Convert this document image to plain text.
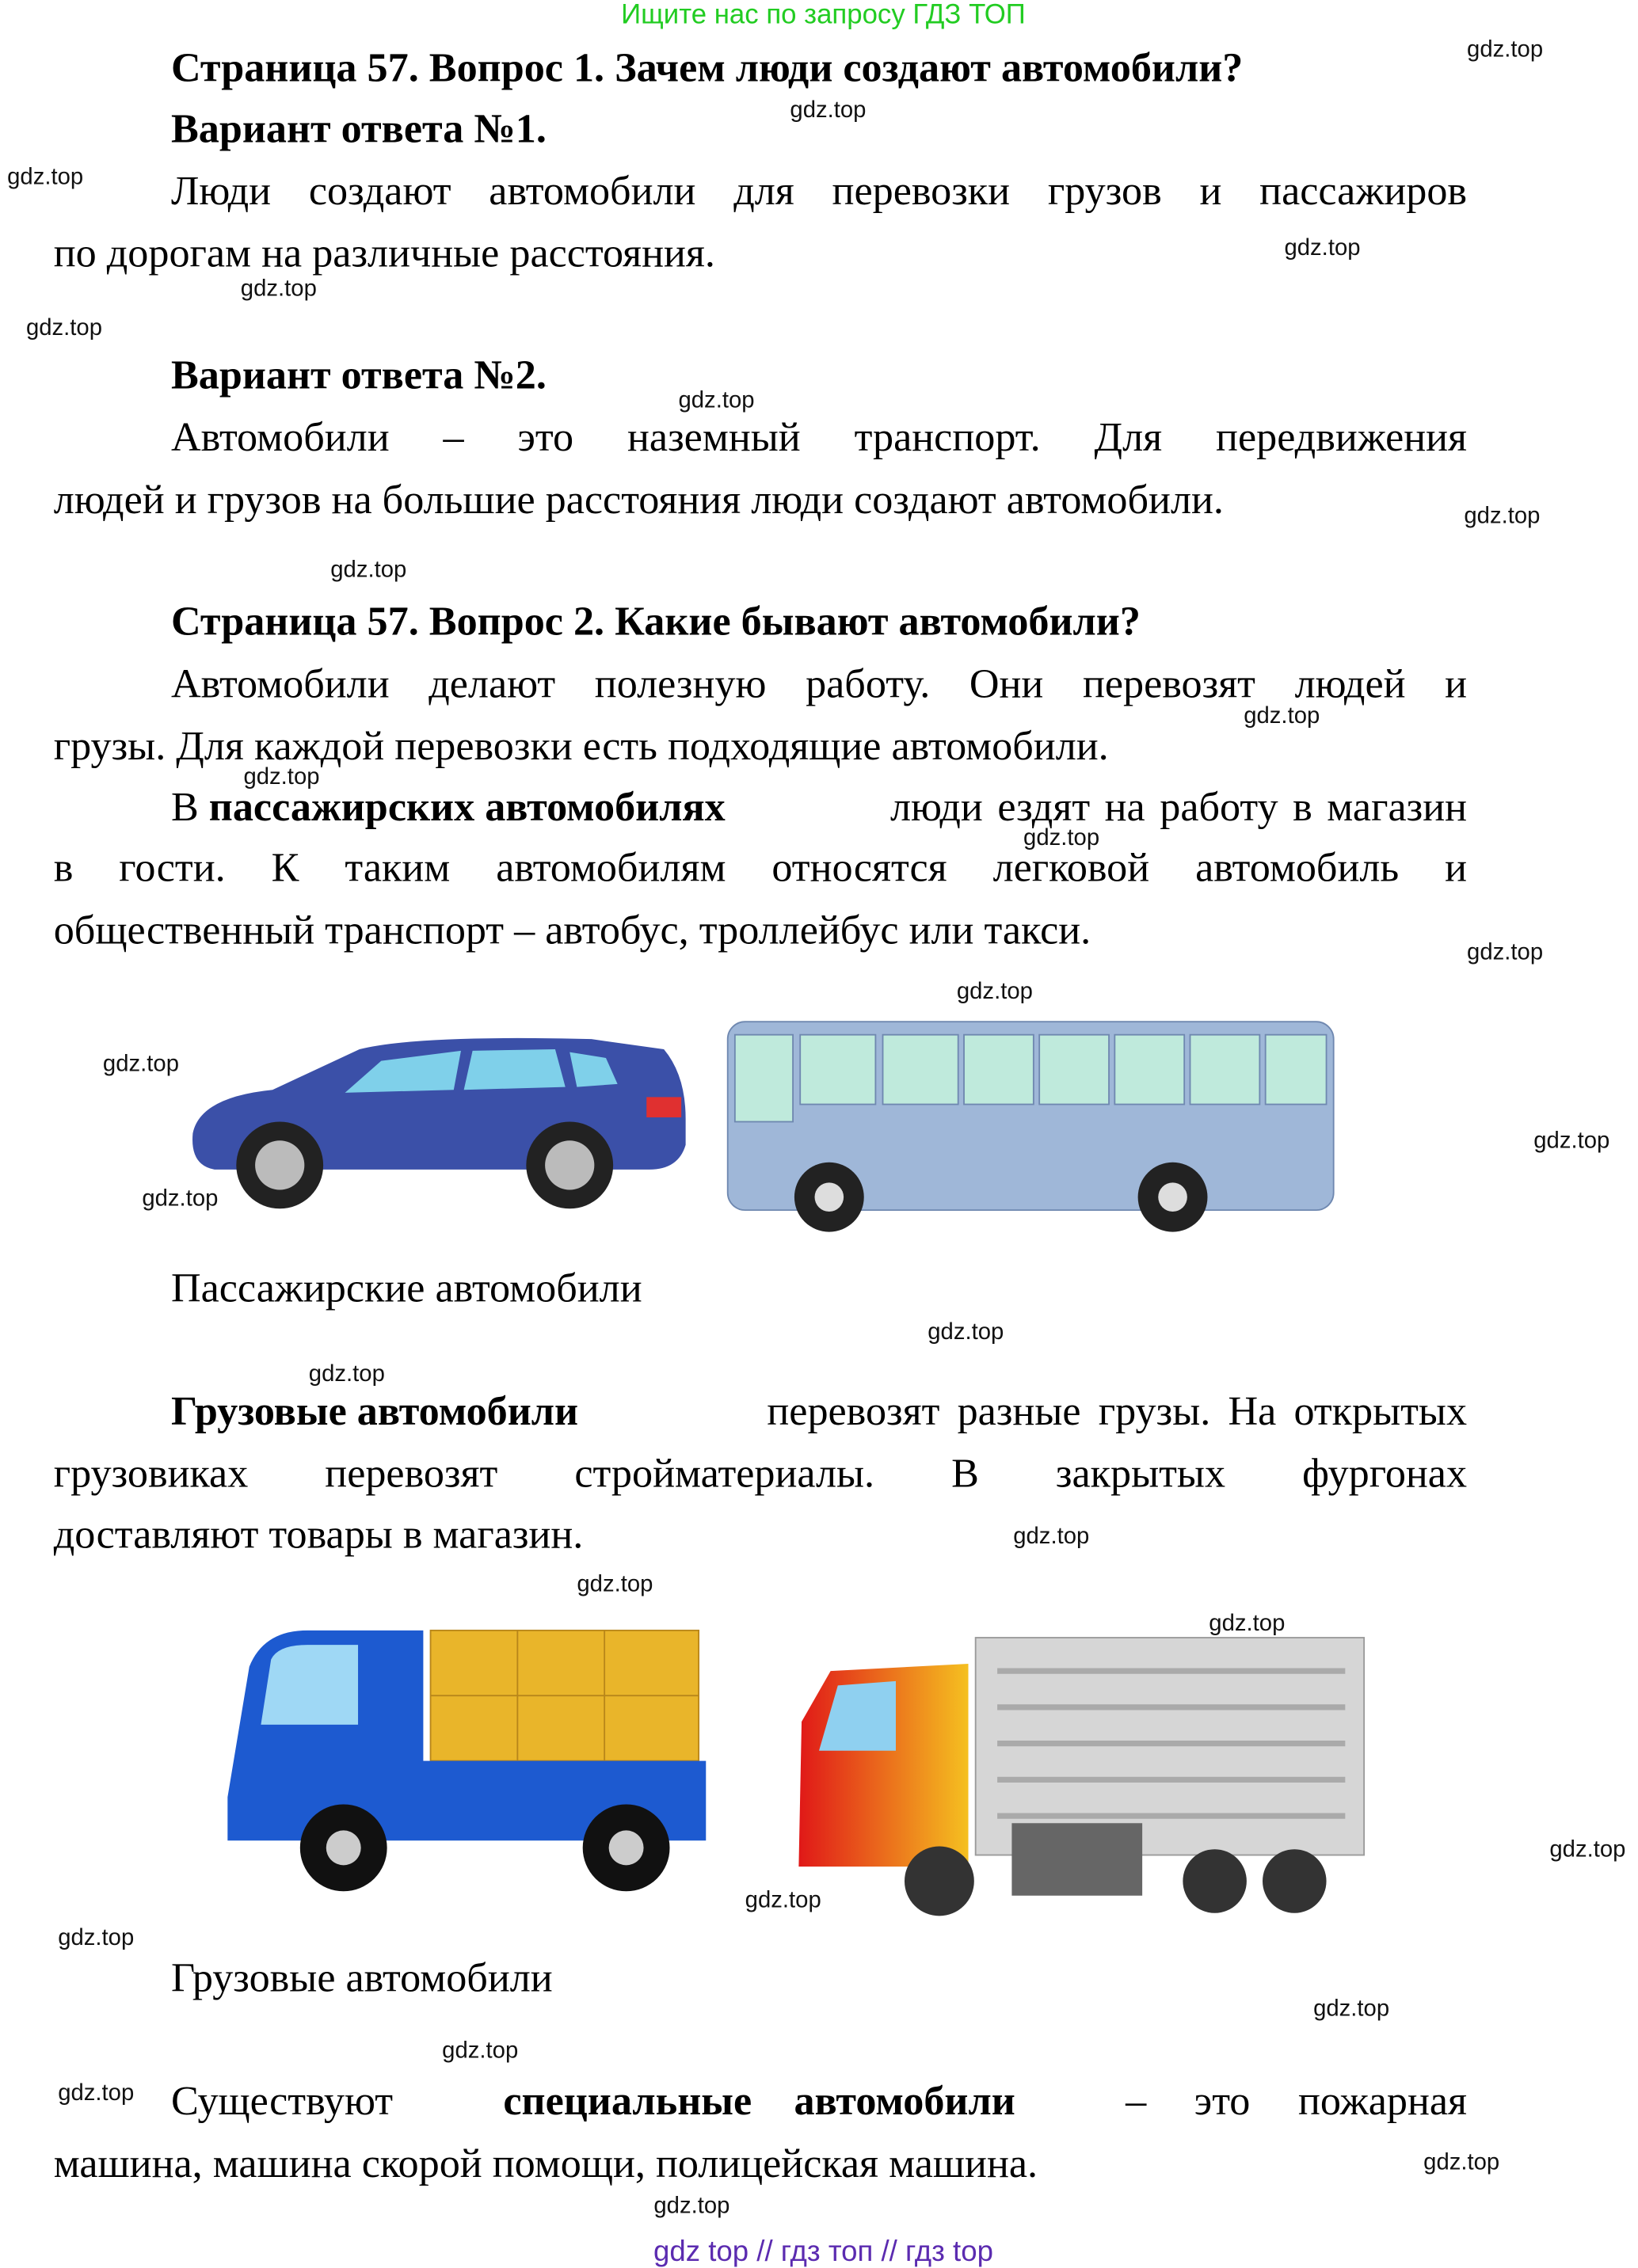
Ищите нас по запросу ГДЗ ТОП
Страница 57. Вопрос 1. Зачем люди создают автомобили?
Вариант ответа №1.
Люди создают автомобили для перевозки грузов и пассажиров
по дорогам на различные расстояния.
Вариант ответа №2.
Автомобили – это наземный транспорт. Для передвижения
людей и грузов на большие расстояния люди создают автомобили.
Страница 57. Вопрос 2. Какие бывают автомобили?
Автомобили делают полезную работу. Они перевозят людей и
грузы. Для каждой перевозки есть подходящие автомобили.
В пассажирских автомобилях	люди ездят на работу в магазин
в гости. К таким автомобилям относятся легковой автомобиль и
общественный транспорт – автобус, троллейбус или такси.
Пассажирские автомобили
Грузовые автомобили	перевозят разные грузы. На открытых
грузовиках перевозят стройматериалы. В закрытых фургонах
доставляют товары в магазин.
Грузовые автомобили
Существуют	специальные автомобили	– это пожарная
машина, машина скорой помощи, полицейская машина.
gdz top // гдз топ // гдз top
gdz.top
gdz.top
gdz.top
gdz.top
gdz.top
gdz.top
gdz.top
gdz.top
gdz.top
gdz.top
gdz.top
gdz.top
gdz.top
gdz.top
gdz.top
gdz.top
gdz.top
gdz.top
gdz.top
gdz.top
gdz.top
gdz.top
gdz.top
gdz.top
gdz.top
gdz.top
gdz.top
gdz.top
gdz.top
gdz.top
